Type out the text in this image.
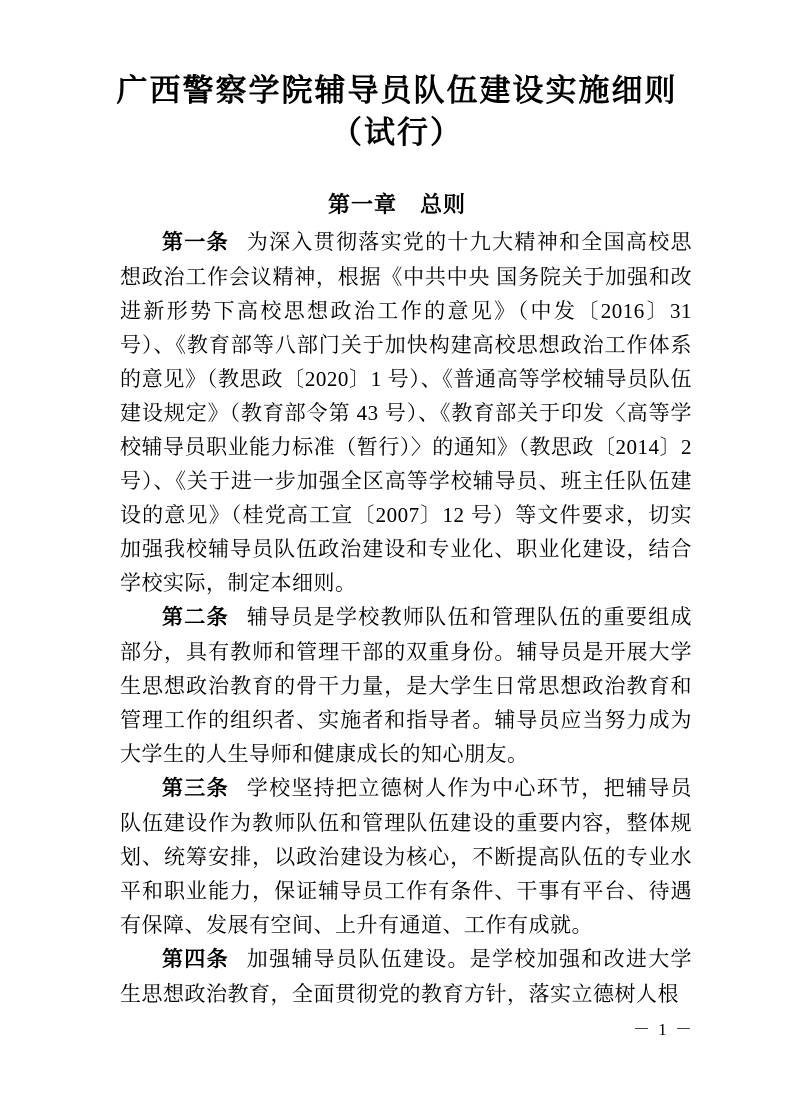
广西警察学院辅导员队伍建设实施细则
（试行）
第一章　总则

第一条 为深入贯彻落实党的十九大精神和全国高校思想政治工作会议精神，根据《中共中央 国务院关于加强和改进新形势下高校思想政治工作的意见》（中发〔2016〕31 号）、《教育部等八部门关于加快构建高校思想政治工作体系的意见》（教思政〔2020〕1 号）、《普通高等学校辅导员队伍建设规定》（教育部令第 43 号）、《教育部关于印发〈高等学校辅导员职业能力标准（暂行）〉的通知》（教思政〔2014〕2 号）、《关于进一步加强全区高等学校辅导员、班主任队伍建设的意见》（桂党高工宣〔2007〕12 号）等文件要求，切实加强我校辅导员队伍政治建设和专业化、职业化建设，结合学校实际，制定本细则。

第二条 辅导员是学校教师队伍和管理队伍的重要组成部分，具有教师和管理干部的双重身份。辅导员是开展大学生思想政治教育的骨干力量，是大学生日常思想政治教育和管理工作的组织者、实施者和指导者。辅导员应当努力成为大学生的人生导师和健康成长的知心朋友。

第三条 学校坚持把立德树人作为中心环节，把辅导员队伍建设作为教师队伍和管理队伍建设的重要内容，整体规划、统筹安排，以政治建设为核心，不断提高队伍的专业水平和职业能力，保证辅导员工作有条件、干事有平台、待遇有保障、发展有空间、上升有通道、工作有成就。

第四条 加强辅导员队伍建设。是学校加强和改进大学生思想政治教育，全面贯彻党的教育方针，落实立德树人根

－ 1 －
